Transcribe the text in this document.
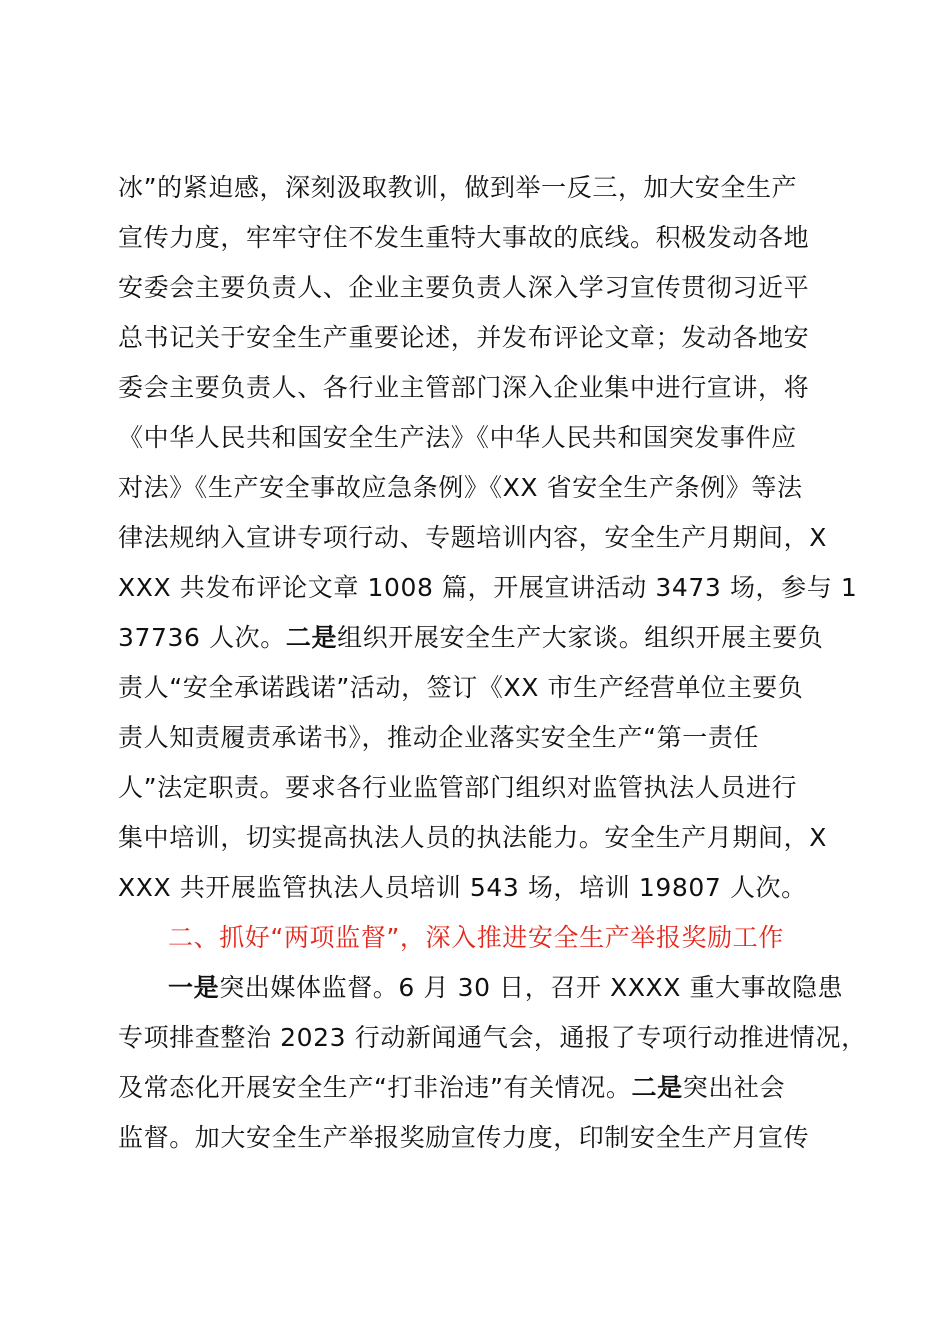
冰”的紧迫感，深刻汲取教训，做到举一反三，加大安全生产
宣传力度，牢牢守住不发生重特大事故的底线。积极发动各地
安委会主要负责人、企业主要负责人深入学习宣传贯彻习近平
总书记关于安全生产重要论述，并发布评论文章；发动各地安
委会主要负责人、各行业主管部门深入企业集中进行宣讲，将
《中华人民共和国安全生产法》《中华人民共和国突发事件应
对法》《生产安全事故应急条例》《XX 省安全生产条例》等法
律法规纳入宣讲专项行动、专题培训内容，安全生产月期间，X
XXX 共发布评论文章 1008 篇，开展宣讲活动 3473 场，参与 1
37736 人次。二是组织开展安全生产大家谈。组织开展主要负
责人“安全承诺践诺”活动，签订《XX 市生产经营单位主要负
责人知责履责承诺书》，推动企业落实安全生产“第一责任
人”法定职责。要求各行业监管部门组织对监管执法人员进行
集中培训，切实提高执法人员的执法能力。安全生产月期间，X
XXX 共开展监管执法人员培训 543 场，培训 19807 人次。
二、抓好“两项监督”，深入推进安全生产举报奖励工作
一是突出媒体监督。6 月 30 日，召开 XXXX 重大事故隐患
专项排查整治 2023 行动新闻通气会，通报了专项行动推进情况，
及常态化开展安全生产“打非治违”有关情况。二是突出社会
监督。加大安全生产举报奖励宣传力度，印制安全生产月宣传
